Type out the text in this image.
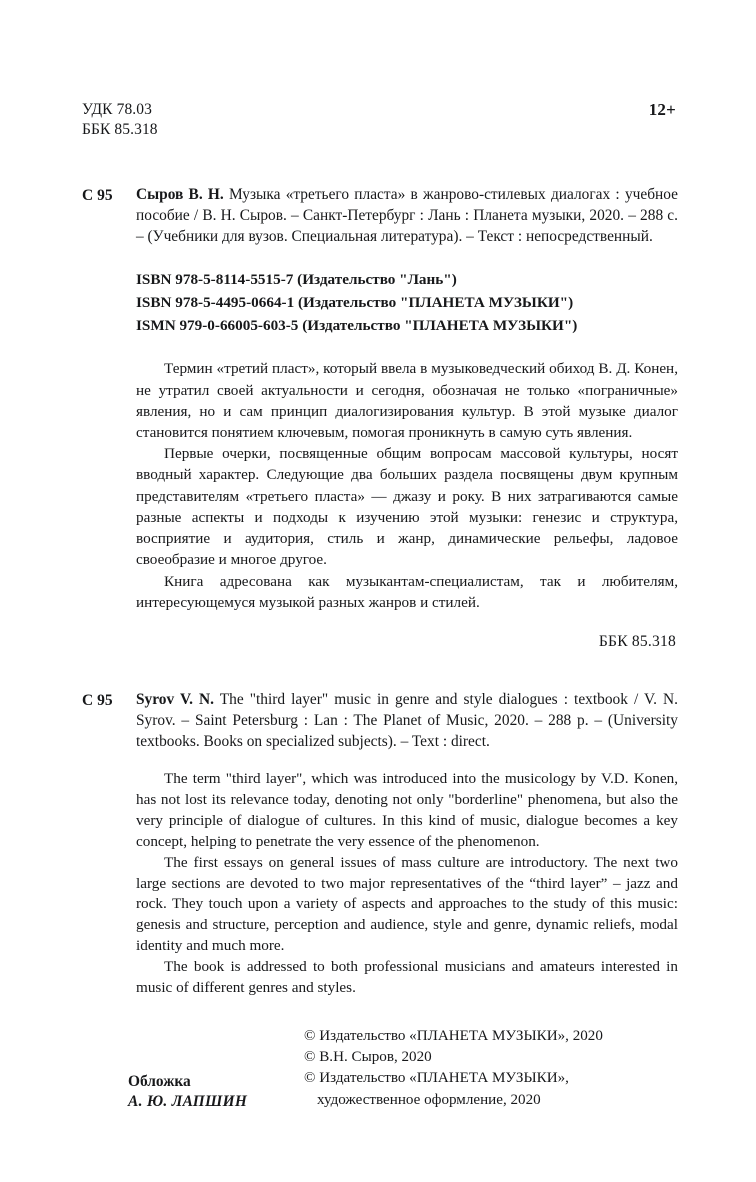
УДК 78.03
ББК 85.318
12+
С 95	Сыров В. Н. Музыка «третьего пласта» в жанрово-стилевых диалогах : учебное пособие / В. Н. Сыров. – Санкт-Петербург : Лань : Планета музыки, 2020. – 288 с. – (Учебники для вузов. Специальная литература). – Текст : непосредственный.
ISBN 978-5-8114-5515-7 (Издательство "Лань")
ISBN 978-5-4495-0664-1 (Издательство "ПЛАНЕТА МУЗЫКИ")
ISMN 979-0-66005-603-5 (Издательство "ПЛАНЕТА МУЗЫКИ")

Термин «третий пласт», который ввела в музыковедческий обиход В. Д. Конен, не утратил своей актуальности и сегодня, обозначая не только «пограничные» явления, но и сам принцип диалогизирования культур. В этой музыке диалог становится понятием ключевым, помогая проникнуть в самую суть явления.

Первые очерки, посвященные общим вопросам массовой культуры, носят вводный характер. Следующие два больших раздела посвящены двум крупным представителям «третьего пласта» — джазу и року. В них затрагиваются самые разные аспекты и подходы к изучению этой музыки: генезис и структура, восприятие и аудитория, стиль и жанр, динамические рельефы, ладовое своеобразие и многое другое.

Книга адресована как музыкантам-специалистам, так и любителям, интересующемуся музыкой разных жанров и стилей.

ББК 85.318
С 95	Syrov V. N. The "third layer" music in genre and style dialogues : textbook / V. N. Syrov. – Saint Petersburg : Lan : The Planet of Music, 2020. – 288 p. – (University textbooks. Books on specialized subjects). – Text : direct.

The term "third layer", which was introduced into the musicology by V.D. Konen, has not lost its relevance today, denoting not only "borderline" phenomena, but also the very principle of dialogue of cultures. In this kind of music, dialogue becomes a key concept, helping to penetrate the very essence of the phenomenon.

The first essays on general issues of mass culture are introductory. The next two large sections are devoted to two major representatives of the “third layer” – jazz and rock. They touch upon a variety of aspects and approaches to the study of this music: genesis and structure, perception and audience, style and genre, dynamic reliefs, modal identity and much more.

The book is addressed to both professional musicians and amateurs interested in music of different genres and styles.

Обложка
А. Ю. ЛАПШИН
© Издательство «ПЛАНЕТА МУЗЫКИ», 2020
© В.Н. Сыров, 2020
© Издательство «ПЛАНЕТА МУЗЫКИ»,
художественное оформление, 2020
